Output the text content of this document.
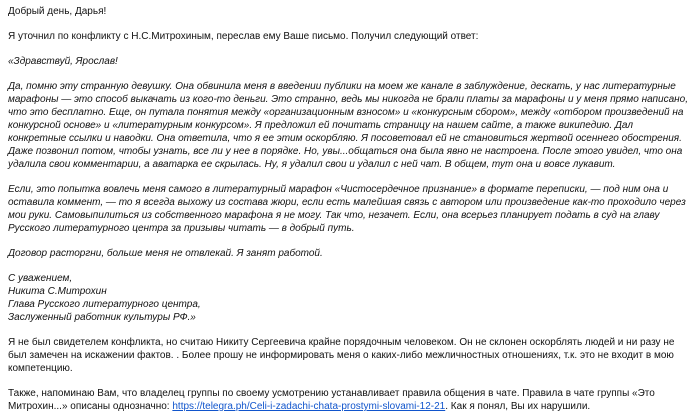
Добрый день, Дарья!

Я уточнил по конфликту с Н.С.Митрохиным, переслав ему Ваше письмо. Получил следующий ответ:

«Здравствуй, Ярослав!

Да, помню эту странную девушку. Она обвинила меня в введении публики на моем же канале в заблуждение, дескать, у нас литературные марафоны — это способ выкачать из кого-то деньги. Это странно, ведь мы никогда не брали платы за марафоны и у меня прямо написано, что это бесплатно. Еще, он путала понятия между «организационным взносом» и «конкурсным сбором», между «отбором произведений на конкурсной основе» и «литературным конкурсом». Я предложил ей почитать страницу на нашем сайте, а также википедию. Дал конкретные ссылки и наводки. Она ответила, что я ее этим оскорбляю. Я посоветовал ей не становиться жертвой осеннего обострения. Даже позвонил потом, чтобы узнать, все ли у нее в порядке. Но, увы...общаться она была явно не настроена. После этого увидел, что она удалила свои комментарии, а аватарка ее скрылась. Ну, я удалил свои и удалил с ней чат. В общем, тут она и вовсе лукавит.

Если, это попытка вовлечь меня самого в литературный марафон «Чистосердечное признание» в формате переписки, — под ним она и оставила коммент, — то я всегда выхожу из состава жюри, если есть малейшая связь с автором или произведение как-то проходило через мои руки. Самовыпилиться из собственного марафона я не могу. Так что, незачет. Если, она всерьез планирует подать в суд на главу Русского литературного центра за призывы читать — в добрый путь.

Договор расторгни, больше меня не отвлекай. Я занят работой.

С уважением,
Никита С.Митрохин
Глава Русского литературного центра,
Заслуженный работник культуры РФ.»

Я не был свидетелем конфликта, но считаю Никиту Сергеевича крайне порядочным человеком. Он не склонен оскорблять людей и ни разу не был замечен на искажении фактов. . Более прошу не информировать меня о каких-либо межличностных отношениях, т.к. это не входит в мою компетенцию.

Также, напоминаю Вам, что владелец группы по своему усмотрению устанавливает правила общения в чате. Правила в чате группы «Это Митрохин...» описаны однозначно: https://telegra.ph/Celi-i-zadachi-chata-prostymi-slovami-12-21. Как я понял, Вы их нарушили.
